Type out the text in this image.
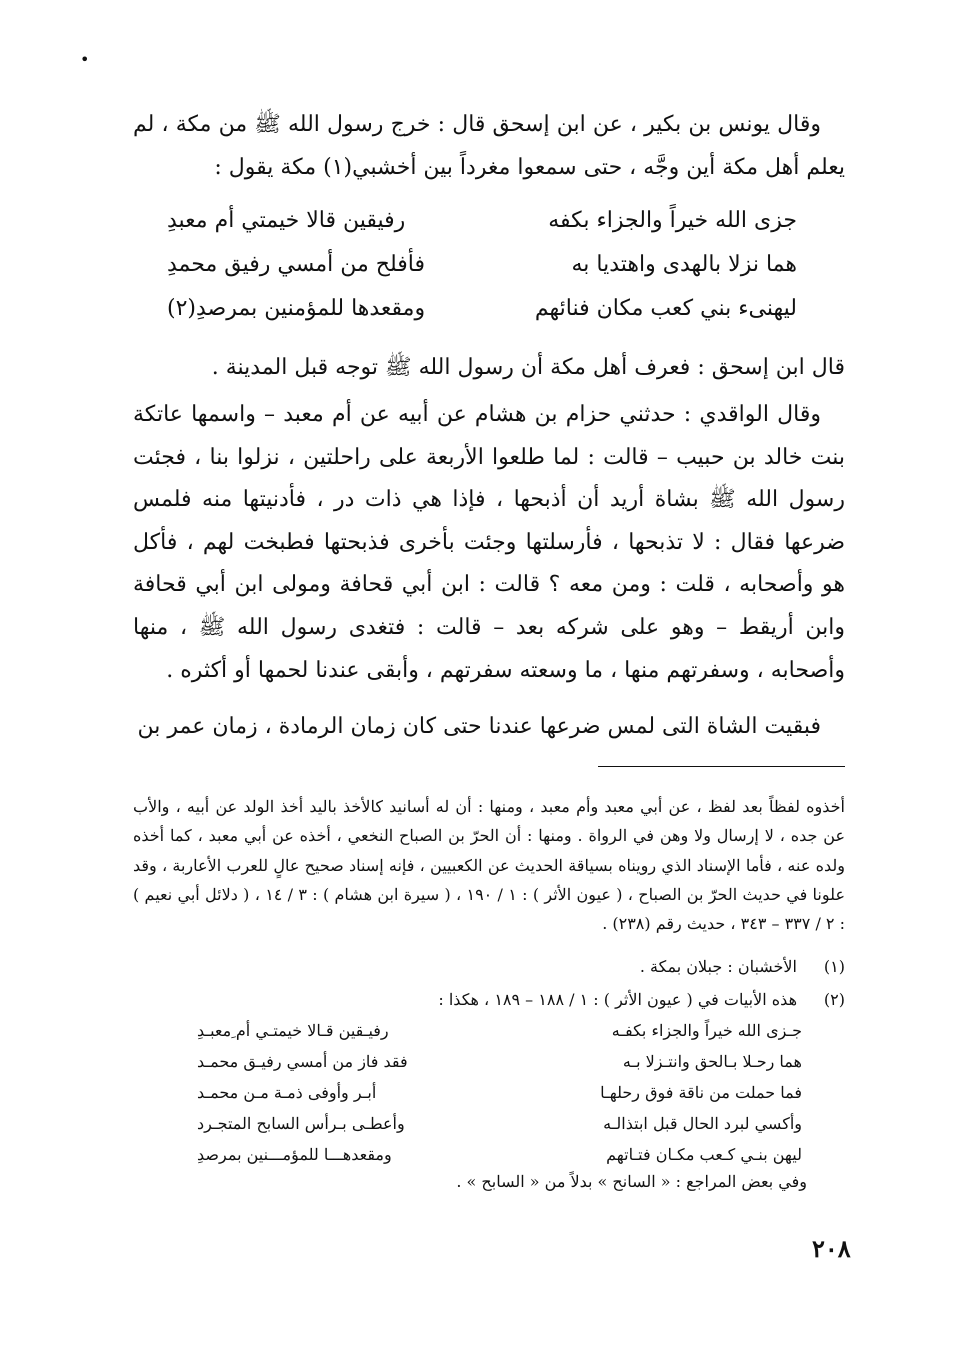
•
وقال يونس بن بكير ، عن ابن إسحق قال : خرج رسول الله ﷺ من مكة ، لم يعلم أهل مكة أين وجَّه ، حتى سمعوا مغرداً بين أخشبي(١) مكة يقول :
جزى الله خيراً والجزاء بكفه
رفيقين قالا خيمتي أم معبدِ
هما نزلا بالهدى واهتديا به
فأفلح من أمسي رفيق محمدِ
ليهنىء بني كعب مكان فنائهم
ومقعدها للمؤمنين بمرصدِ(٢)
قال ابن إسحق : فعرف أهل مكة أن رسول الله ﷺ توجه قبل المدينة .
وقال الواقدي : حدثني حزام بن هشام عن أبيه عن أم معبد – واسمها عاتكة بنت خالد بن حبيب – قالت : لما طلعوا الأربعة على راحلتين ، نزلوا بنا ، فجئت رسول الله ﷺ بشاة أريد أن أذبحها ، فإذا هي ذات در ، فأدنيتها منه فلمس ضرعها فقال : لا تذبحها ، فأرسلتها وجئت بأخرى فذبحتها فطبخت لهم ، فأكل هو وأصحابه ، قلت : ومن معه ؟ قالت : ابن أبي قحافة ومولى ابن أبي قحافة وابن أريقط – وهو على شركه بعد – قالت : فتغدى رسول الله ﷺ ، منها وأصحابه ، وسفرتهم منها ، ما وسعته سفرتهم ، وأبقى عندنا لحمها أو أكثره .
فبقيت الشاة التى لمس ضرعها عندنا حتى كان زمان الرمادة ، زمان عمر بن
أخذوه لفظاً بعد لفظ ، عن أبي معبد وأم معبد ، ومنها : أن له أسانيد كالأخذ باليد أخذ الولد عن أبيه ، والأب عن جده ، لا إرسال ولا وهن في الرواة . ومنها : أن الحرّ بن الصباح النخعي ، أخذه عن أبي معبد ، كما أخذه ولده عنه ، فأما الإسناد الذي رويناه بسياقة الحديث عن الكعبيين ، فإنه إسناد صحيح عالٍ للعرب الأعاربة ، وقد علونا في حديث الحرّ بن الصباح ، ( عيون الأثر ) : ١ / ١٩٠ ، ( سيرة ابن هشام ) : ٣ / ١٤ ، ( دلائل أبي نعيم ) : ٢ / ٣٣٧ – ٣٤٣ ، حديث رقم (٢٣٨) .
(١)
الأخشبان : جبلان بمكة .
(٢)
هذه الأبيات في ( عيون الأثر ) : ١ / ١٨٨ – ١٨٩ ، هكذا :
جـزى الله خيراً والجزاء بكفـه
رفيـقين قـالا خيمتـي أم ِمعبـدِ
هما رحـلا بـالحق وانتـزلا بـه
فقد فاز من أمسي رفيـق محمـد
فما حملت من ناقة فوق رحلهـا
أبـر وأوفى ذمـة مـن محمـد
وأكسي لبرد الحال قبل ابتذالـه
وأعطـى بـرأس السابح المتجـرد
ليهن بنـي كـعب مكـان فتـاتهم
ومقعدهـــا للمؤمـــنين بمرصدِ
وفي بعض المراجع : « السانح » بدلاً من « السابح » .
٢٠٨
